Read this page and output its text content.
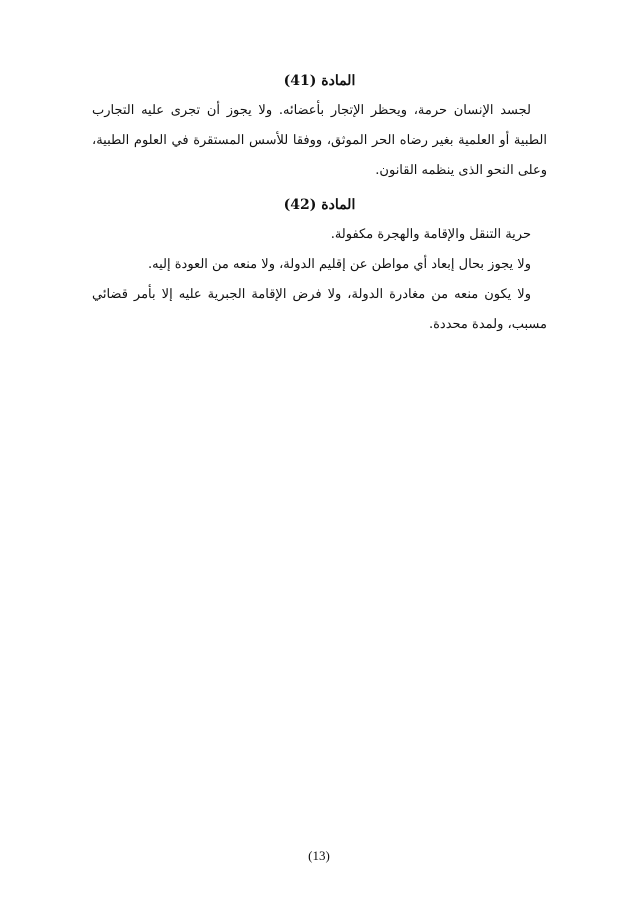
المادة (41)

لجسد الإنسان حرمة، ويحظر الإتجار بأعضائه. ولا يجوز أن تجرى عليه التجارب الطبية أو العلمية بغير رضاه الحر الموثق، ووفقا للأسس المستقرة في العلوم الطبية، وعلى النحو الذى ينظمه القانون.

المادة (42)

حرية التنقل والإقامة والهجرة مكفولة.

ولا يجوز بحال إبعاد أي مواطن عن إقليم الدولة، ولا منعه من العودة إليه.

ولا يكون منعه من مغادرة الدولة، ولا فرض الإقامة الجبرية عليه إلا بأمر قضائي مسبب، ولمدة محددة.

(13)
